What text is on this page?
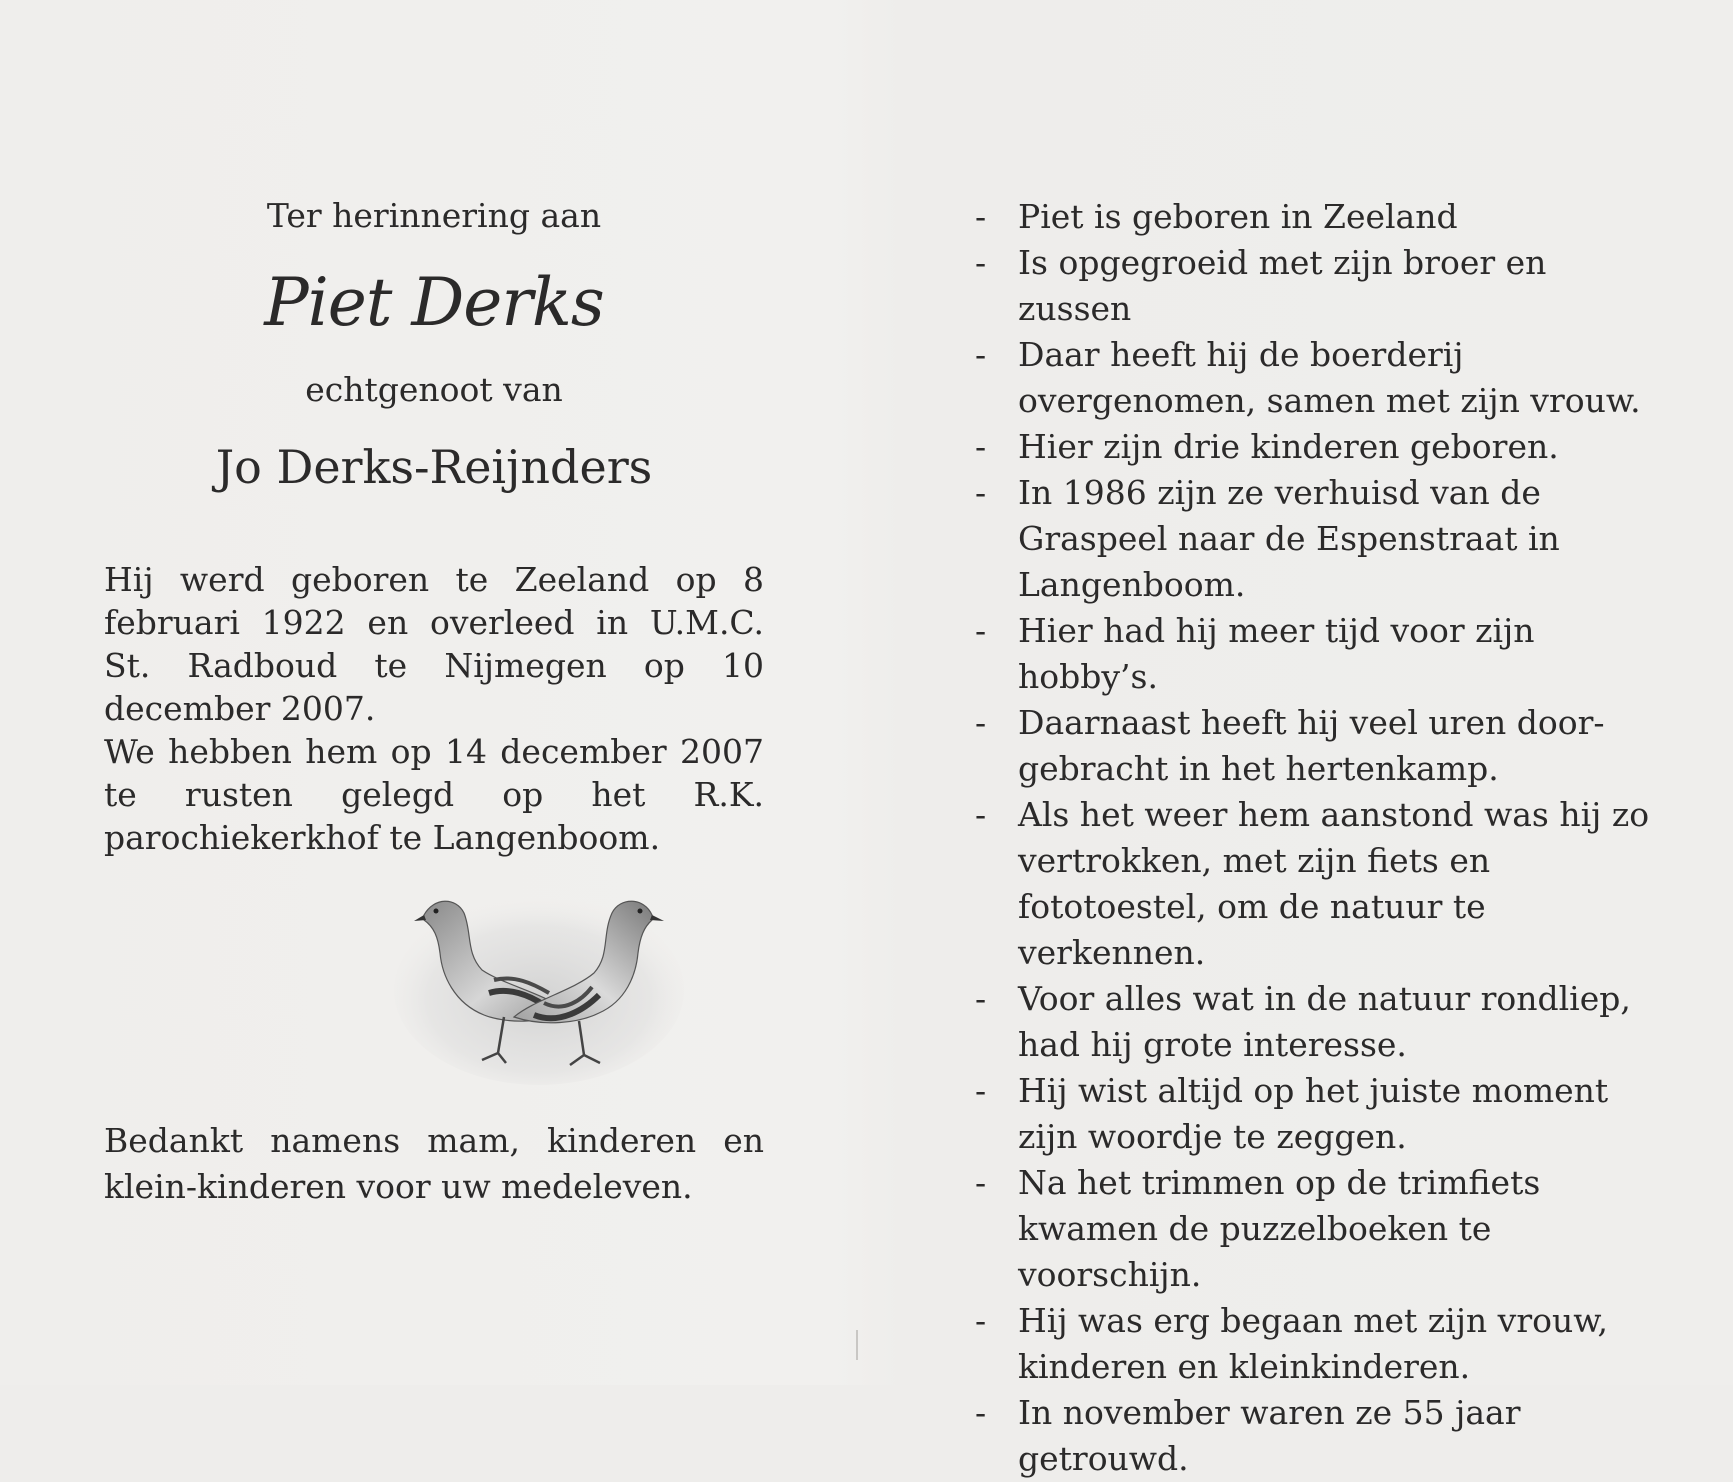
Ter herinnering aan
Piet Derks
echtgenoot van
Jo Derks-Reijnders

Hij werd geboren te Zeeland op 8 februari 1922 en overleed in U.M.C. St. Radboud te Nijmegen op 10 december 2007.

We hebben hem op 14 december 2007 te rusten gelegd op het R.K. parochiekerkhof te Langenboom.

Bedankt namens mam, kinderen en klein-kinderen voor uw medeleven.

- Piet is geboren in Zeeland
- Is opgegroeid met zijn broer en zussen
- Daar heeft hij de boerderij overgenomen, samen met zijn vrouw.
- Hier zijn drie kinderen geboren.
- In 1986 zijn ze verhuisd van de Graspeel naar de Espenstraat in Langenboom.
- Hier had hij meer tijd voor zijn hobby’s.
- Daarnaast heeft hij veel uren door-gebracht in het hertenkamp.
- Als het weer hem aanstond was hij zo vertrokken, met zijn fiets en fototoestel, om de natuur te verkennen.
- Voor alles wat in de natuur rondliep, had hij grote interesse.
- Hij wist altijd op het juiste moment zijn woordje te zeggen.
- Na het trimmen op de trimfiets kwamen de puzzelboeken te voorschijn.
- Hij was erg begaan met zijn vrouw, kinderen en kleinkinderen.
- In november waren ze 55 jaar getrouwd.
